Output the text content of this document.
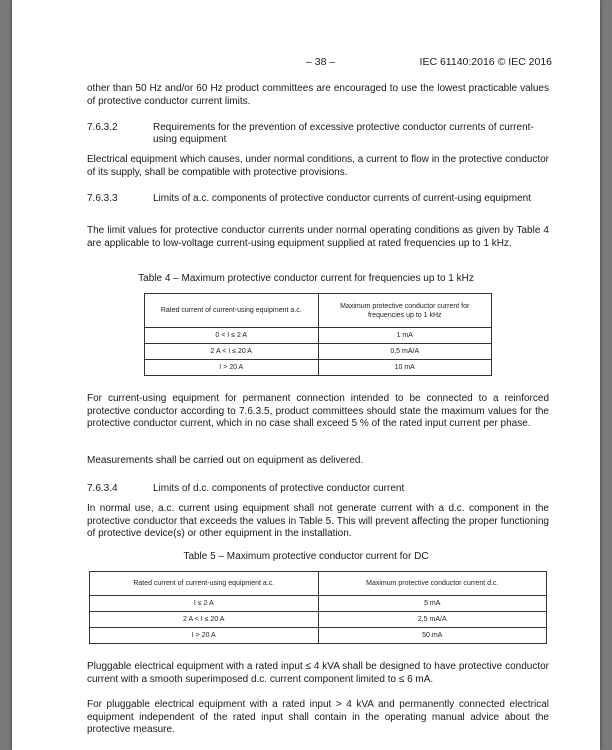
– 38 –	IEC 61140:2016 © IEC 2016
other than 50 Hz and/or 60 Hz product committees are encouraged to use the lowest practicable values of protective conductor current limits.
7.6.3.2	Requirements for the prevention of excessive protective conductor currents of current-using equipment
Electrical equipment which causes, under normal conditions, a current to flow in the protective conductor of its supply, shall be compatible with protective provisions.
7.6.3.3	Limits of a.c. components of protective conductor currents of current-using equipment
The limit values for protective conductor currents under normal operating conditions as given by Table 4 are applicable to low-voltage current-using equipment supplied at rated frequencies up to 1 kHz.
Table 4 – Maximum protective conductor current for frequencies up to 1 kHz
Rated current of current-using equipment a.c.	Maximum protective conductor current for frequencies up to 1 kHz
0 < I ≤ 2 A	1 mA
2 A < I ≤ 20 A	0,5 mA/A
I > 20 A	10 mA
For current-using equipment for permanent connection intended to be connected to a reinforced protective conductor according to 7.6.3.5, product committees should state the maximum values for the protective conductor current, which in no case shall exceed 5 % of the rated input current per phase.
Measurements shall be carried out on equipment as delivered.
7.6.3.4	Limits of d.c. components of protective conductor current
In normal use, a.c. current using equipment shall not generate current with a d.c. component in the protective conductor that exceeds the values in Table 5. This will prevent affecting the proper functioning of protective device(s) or other equipment in the installation.
Table 5 – Maximum protective conductor current for DC
Rated current of current-using equipment a.c.	Maximum protective conductor current d.c.
I ≤ 2 A	5 mA
2 A < I ≤ 20 A	2,5 mA/A
I > 20 A	50 mA
Pluggable electrical equipment with a rated input ≤ 4 kVA shall be designed to have protective conductor current with a smooth superimposed d.c. current component limited to ≤ 6 mA.
For pluggable electrical equipment with a rated input > 4 kVA and permanently connected electrical equipment independent of the rated input shall contain in the operating manual advice about the protective measure.
